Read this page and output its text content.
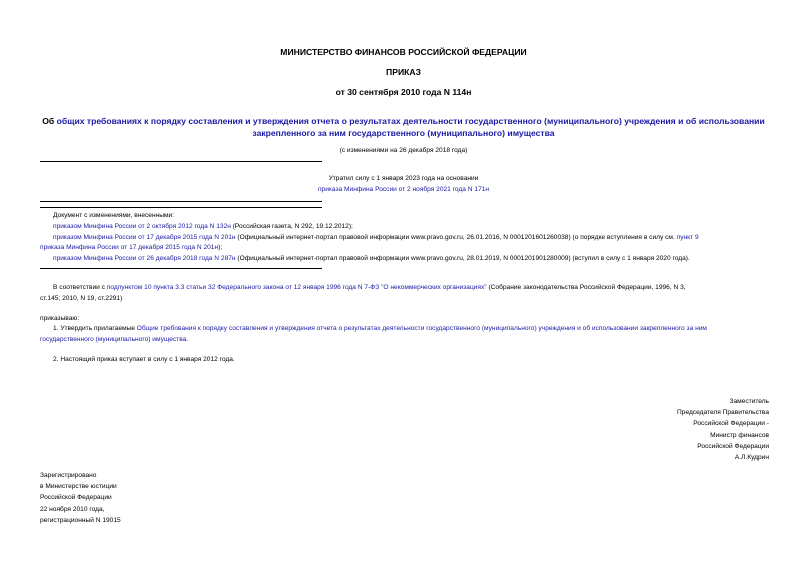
МИНИСТЕРСТВО ФИНАНСОВ РОССИЙСКОЙ ФЕДЕРАЦИИ
ПРИКАЗ
от 30 сентября 2010 года N 114н
Об общих требованиях к порядку составления и утверждения отчета о результатах деятельности государственного (муниципального) учреждения и об использовании закрепленного за ним государственного (муниципального) имущества
(с изменениями на 26 декабря 2018 года)
Утратил силу с 1 января 2023 года на основании
приказа Минфина России от 2 ноября 2021 года N 171н
Документ с изменениями, внесенными:
приказом Минфина России от 2 октября 2012 года N 132н (Российская газета, N 292, 19.12.2012);
приказом Минфина России от 17 декабря 2015 года N 201н (Официальный интернет-портал правовой информации www.pravo.gov.ru, 26.01.2016, N 0001201601260038) (о порядке вступления в силу см. пункт 9
приказа Минфина России от 17 декабря 2015 года N 201н);
приказом Минфина России от 26 декабря 2018 года N 287н (Официальный интернет-портал правовой информации www.pravo.gov.ru, 28.01.2019, N 0001201901280009) (вступил в силу с 1 января 2020 года).
В соответствии с подпунктом 10 пункта 3.3 статьи 32 Федерального закона от 12 января 1996 года N 7-ФЗ "О некоммерческих организациях" (Собрание законодательства Российской Федерации, 1996, N 3,
ст.145; 2010, N 19, ст.2291)
приказываю:
1. Утвердить прилагаемые Общие требования к порядку составления и утверждения отчета о результатах деятельности государственного (муниципального) учреждения и об использовании закрепленного за ним
государственного (муниципального) имущества.
2. Настоящий приказ вступает в силу с 1 января 2012 года.
Заместитель
Председателя Правительства
Российской Федерации -
Министр финансов
Российской Федерации
А.Л.Кудрин
Зарегистрировано
в Министерстве юстиции
Российской Федерации
22 ноября 2010 года,
регистрационный N 19015
